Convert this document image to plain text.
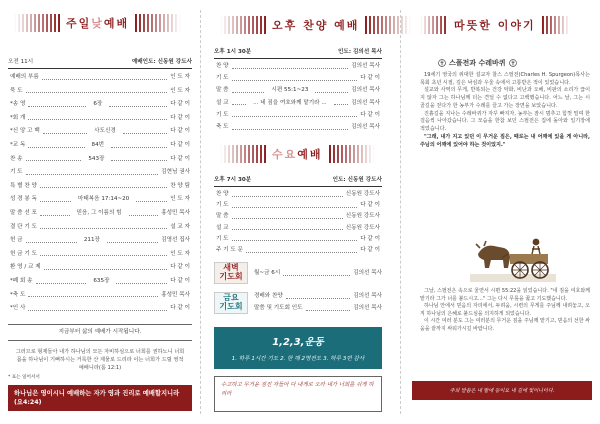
주일낮예배
오전 11시	예배인도: 신동원 강도사
예배의 부름	인 도 자
묵 도	인 도 자
*송 영	6장	다 같 이
*회 개	다 같 이
*신 앙 고 백	사도신경	다 같 이
*교 독	84번	다 같 이
찬 송	543장	다 같 이
기 도	김현님 권사
특 별 찬 양	찬 양 팀
성 경 봉 독	마태복음 17:14~20	인 도 자
말 씀 선 포	믿음, 그 이름의 힘	홍성민 목사
결 단 기 도	설 교 자
헌 금	211장	김영선 집사
헌 금 기 도	인 도 자
환 영 / 교 제	다 같 이
*폐 회 송	635장	다 같 이
*축 도	홍성민 목사
*인 사	다 같 이
지금부터 삶의 예배가 시작됩니다.
그러므로 형제들아 내가 하나님의 모든 자비하심으로 너희를 권하노니 너희 몸을 하나님이 기뻐하시는 거룩한 산 제물로 드리라 이는 너희가 드릴 영적 예배니라(롬 12:1)
* 표는 일어서서
하나님은 영이시니 예배하는 자가 영과 진리로 예배할지니라 (요4:24)
오후 찬양 예배
오후 1시 30분	인도: 김의선 목사
찬 양	김의선 목사
기 도	다 같 이
말 씀	시편 55:1~23	김의선 목사
설 교	... 네 짐을 여호와께 맡기라 ...	김의선 목사
기 도	다 같 이
축 도	김의선 목사
수요예배
오후 7시 30분	인도: 신동원 강도사
찬 양	신동원 강도사
기 도	다 같 이
말 씀	신동원 강도사
설 교	신동원 강도사
기 도	다 같 이
주 기 도 문	다 같 이
새벽
기도회 월~금 6시	김의선 목사
금요
기도회
경배와 찬양	김의선 목사
말씀 및 기도회 인도	김의선 목사
1,2,3,운동
1. 하루 1시간 기도 2. 한 해 2명전도 3. 하루 3번 감사
수고하고 무거운 짐진 자들아 다 내게로 오라 내가 너희를 쉬게 하리라
따뜻한 이야기
스폴전과 수레바퀴

19세기 영국의 위대한 설교자 찰스 스펄전(Charles H. Spurgeon)목사는 목회 초년 시절, 깊은 낙심과 우울 속에서 고통받은 적이 있었습니다.

설교와 사역의 무게, 반복되는 건강 악화, 비난과 오해, 비판의 소리가 끊이지 않자 그는 하나님께 더는 견딜 수 없다고 고백했습니다. 어느 날, 그는 시골길을 걷다가 한 농부가 수레를 끌고 가는 장면을 보았습니다.

진흙길을 지나는 수레바퀴가 자꾸 빠지자, 농부는 잠시 멈추고 힘껏 밀며 한 걸음씩 나아갔습니다. 그 모습을 한참 보던 스펄전은 집에 돌아와 일기장에 적었습니다.

"그래, 내가 지고 있던 이 무거운 짐은, 때로는 내 어깨에 있을 게 아니라, 주님의 어깨에 있어야 하는 것이었지."

그날, 스펄전은 속으로 울면서 시편 55:22을 읽었습니다. "네 짐을 여호와께 맡기라 그가 너를 붙드시고…" 그는 다시 무릎을 꿇고 기도했습니다.

하나님 안에서 믿음의 자리에서, 두려움, 시련의 무게를 주님께 내려놓고, 오직 하나님의 은혜로 붙드심을 의지하게 되었습니다.

이 시간 여러 분도 그는 여러분의 무거운 짐을 주님께 맡기고, 믿음의 선한 싸움을 끝까지 싸워가시길 바랍니다.

주의 말씀은 내 발에 등이요 내 길에 빛이니이다.
